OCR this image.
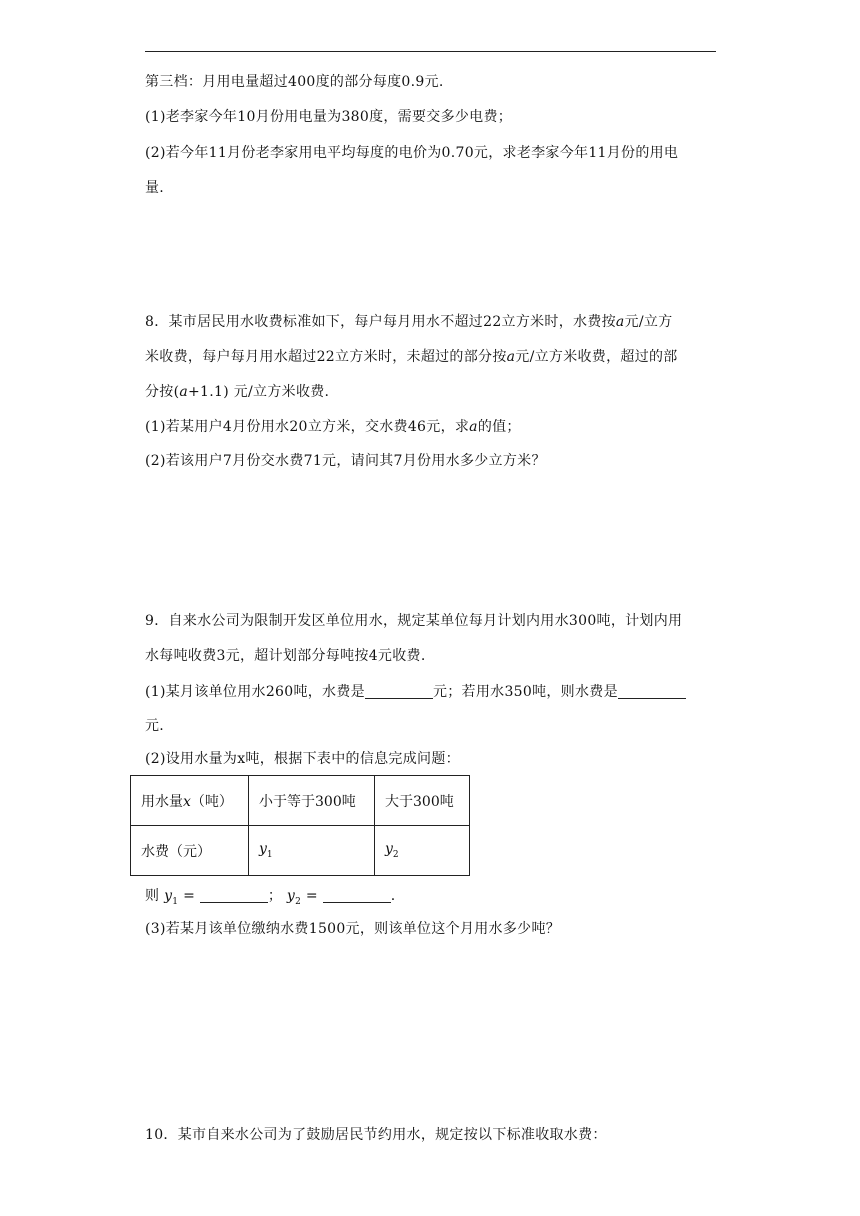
第三档：月用电量超过400度的部分每度0.9元.
(1)老李家今年10月份用电量为380度，需要交多少电费；
(2)若今年11月份老李家用电平均每度的电价为0.70元，求老李家今年11月份的用电
量.
8．某市居民用水收费标准如下，每户每月用水不超过22立方米时，水费按a元/立方
米收费，每户每月用水超过22立方米时，未超过的部分按a元/立方米收费，超过的部
分按(a+1.1) 元/立方米收费.
(1)若某用户4月份用水20立方米，交水费46元，求a的值；
(2)若该用户7月份交水费71元，请问其7月份用水多少立方米？
9．自来水公司为限制开发区单位用水，规定某单位每月计划内用水300吨，计划内用
水每吨收费3元，超计划部分每吨按4元收费.
(1)某月该单位用水260吨，水费是	元；若用水350吨，则水费是
元.
(2)设用水量为x吨，根据下表中的信息完成问题：
用水量x（吨）	小于等于300吨	大于300吨
水费（元）	$y_1$	$y_2$
则 $y_1$ =	； $y_2$ =	.
(3)若某月该单位缴纳水费1500元，则该单位这个月用水多少吨？
10．某市自来水公司为了鼓励居民节约用水，规定按以下标准收取水费：
